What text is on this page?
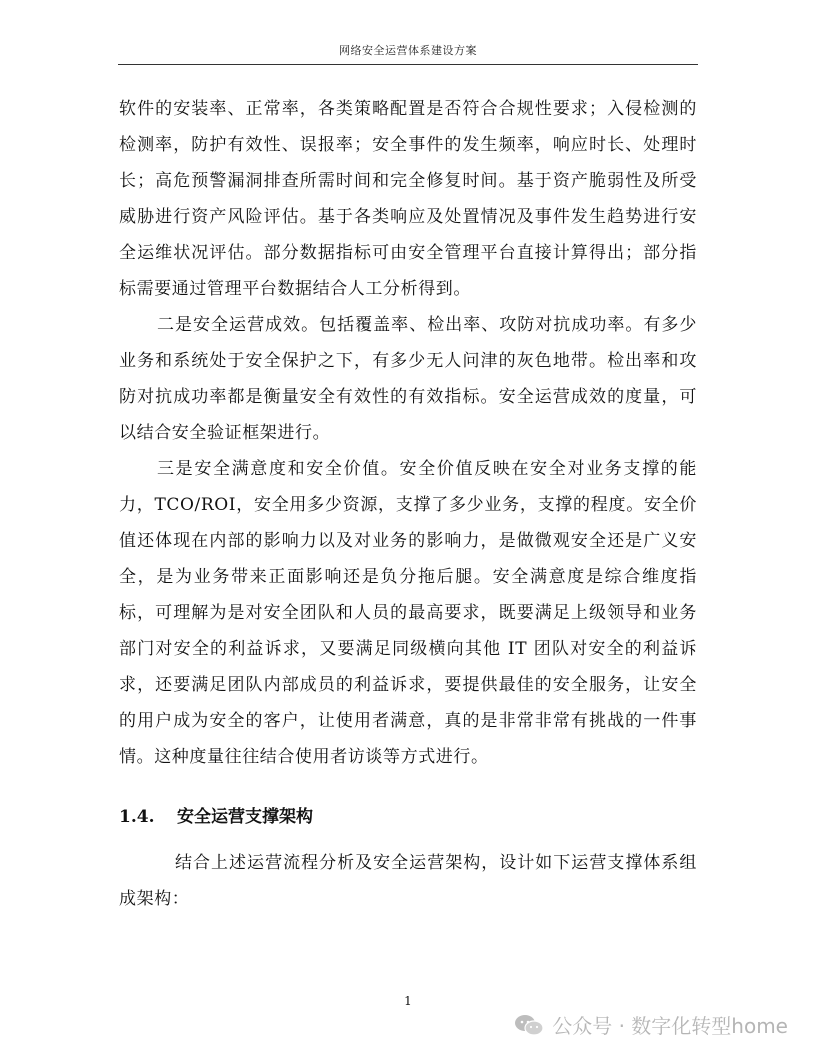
网络安全运营体系建设方案

软件的安装率、正常率，各类策略配置是否符合合规性要求；入侵检测的检测率，防护有效性、误报率；安全事件的发生频率，响应时长、处理时长；高危预警漏洞排查所需时间和完全修复时间。基于资产脆弱性及所受威胁进行资产风险评估。基于各类响应及处置情况及事件发生趋势进行安全运维状况评估。部分数据指标可由安全管理平台直接计算得出；部分指标需要通过管理平台数据结合人工分析得到。

二是安全运营成效。包括覆盖率、检出率、攻防对抗成功率。有多少业务和系统处于安全保护之下，有多少无人问津的灰色地带。检出率和攻防对抗成功率都是衡量安全有效性的有效指标。安全运营成效的度量，可以结合安全验证框架进行。

三是安全满意度和安全价值。安全价值反映在安全对业务支撑的能力，TCO/ROI，安全用多少资源，支撑了多少业务，支撑的程度。安全价值还体现在内部的影响力以及对业务的影响力，是做微观安全还是广义安全，是为业务带来正面影响还是负分拖后腿。安全满意度是综合维度指标，可理解为是对安全团队和人员的最高要求，既要满足上级领导和业务部门对安全的利益诉求，又要满足同级横向其他 IT 团队对安全的利益诉求，还要满足团队内部成员的利益诉求，要提供最佳的安全服务，让安全的用户成为安全的客户，让使用者满意，真的是非常非常有挑战的一件事情。这种度量往往结合使用者访谈等方式进行。

1.4.	安全运营支撑架构

结合上述运营流程分析及安全运营架构，设计如下运营支撑体系组成架构：

1
公众号 · 数字化转型home
